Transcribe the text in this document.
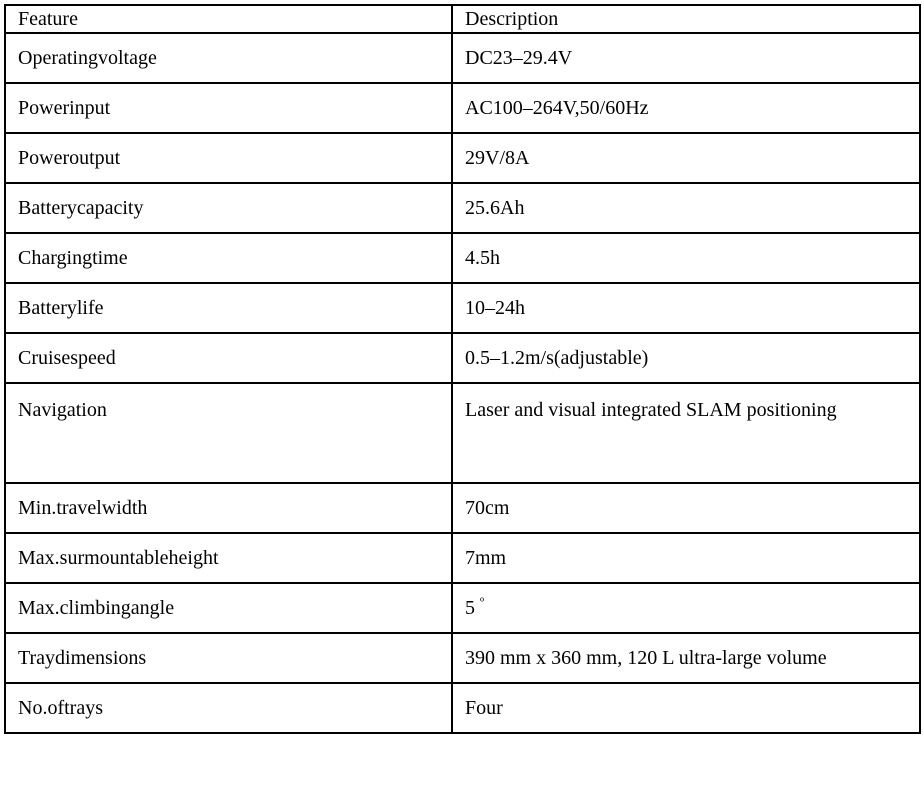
Feature	Description
Operatingvoltage	DC23–29.4V
Powerinput	AC100–264V,50/60Hz
Poweroutput	29V/8A
Batterycapacity	25.6Ah
Chargingtime	4.5h
Batterylife	10–24h
Cruisespeed	0.5–1.2m/s(adjustable)
Navigation	Laser and visual integrated SLAM positioning
Min.travelwidth	70cm
Max.surmountableheight	7mm
Max.climbingangle	5 $^º$
Traydimensions	390 mm x 360 mm, 120 L ultra-large volume
No.oftrays	Four
